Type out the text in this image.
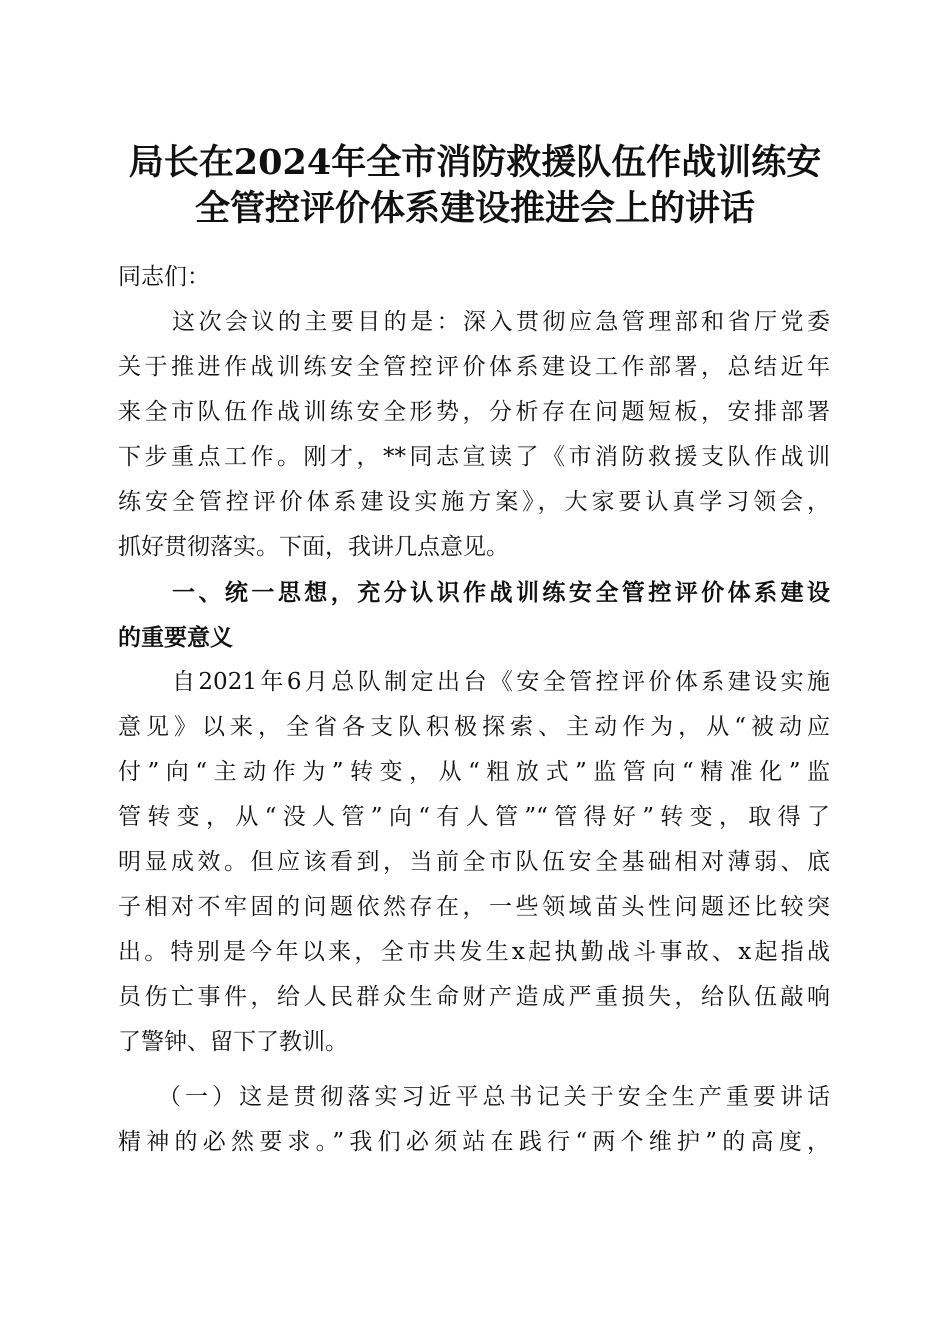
局长在2024年全市消防救援队伍作战训练安
全管控评价体系建设推进会上的讲话
同志们：
这次会议的主要目的是：深入贯彻应急管理部和省厅党委
关于推进作战训练安全管控评价体系建设工作部署，总结近年
来全市队伍作战训练安全形势，分析存在问题短板，安排部署
下步重点工作。刚才，**同志宣读了《市消防救援支队作战训
练安全管控评价体系建设实施方案》，大家要认真学习领会，
抓好贯彻落实。下面，我讲几点意见。
一、统一思想，充分认识作战训练安全管控评价体系建设
的重要意义
自2021年6月总队制定出台《安全管控评价体系建设实施
意见》以来，全省各支队积极探索、主动作为，从“被动应
付”向“主动作为”转变，从“粗放式”监管向“精准化”监
管转变，从“没人管”向“有人管”“管得好”转变，取得了
明显成效。但应该看到，当前全市队伍安全基础相对薄弱、底
子相对不牢固的问题依然存在，一些领域苗头性问题还比较突
出。特别是今年以来，全市共发生x起执勤战斗事故、x起指战
员伤亡事件，给人民群众生命财产造成严重损失，给队伍敲响
了警钟、留下了教训。
（一）这是贯彻落实习近平总书记关于安全生产重要讲话
精神的必然要求。”我们必须站在践行“两个维护”的高度，
